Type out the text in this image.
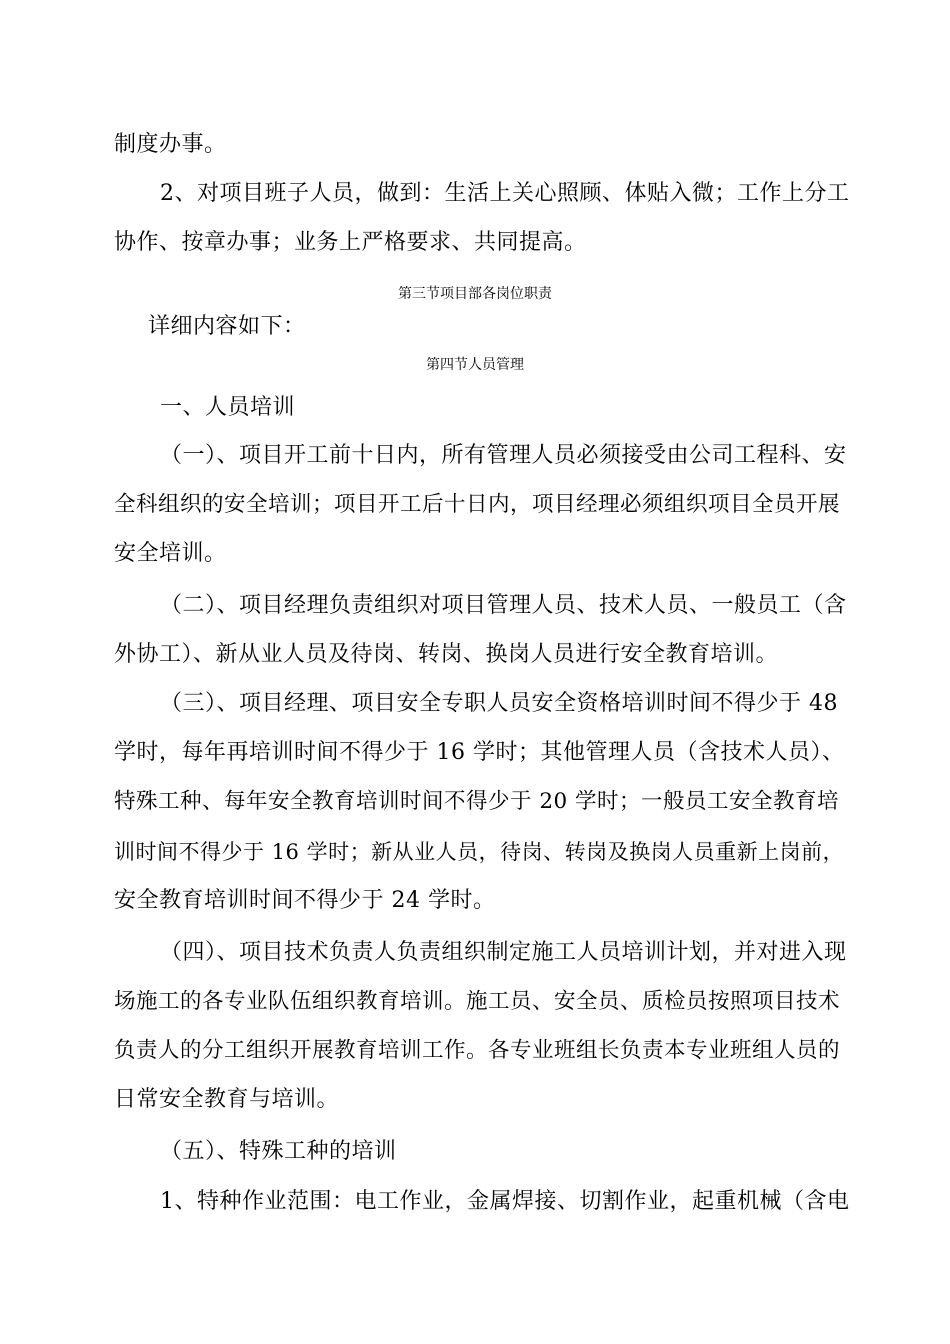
制度办事。
2、对项目班子人员，做到：生活上关心照顾、体贴入微；工作上分工
协作、按章办事；业务上严格要求、共同提高。
第三节项目部各岗位职责
详细内容如下：
第四节人员管理
一、人员培训
（一）、项目开工前十日内，所有管理人员必须接受由公司工程科、安
全科组织的安全培训；项目开工后十日内，项目经理必须组织项目全员开展
安全培训。
（二）、项目经理负责组织对项目管理人员、技术人员、一般员工（含
外协工）、新从业人员及待岗、转岗、换岗人员进行安全教育培训。
（三）、项目经理、项目安全专职人员安全资格培训时间不得少于 48
学时，每年再培训时间不得少于 16 学时；其他管理人员（含技术人员）、
特殊工种、每年安全教育培训时间不得少于 20 学时；一般员工安全教育培
训时间不得少于 16 学时；新从业人员，待岗、转岗及换岗人员重新上岗前，
安全教育培训时间不得少于 24 学时。
（四）、项目技术负责人负责组织制定施工人员培训计划，并对进入现
场施工的各专业队伍组织教育培训。施工员、安全员、质检员按照项目技术
负责人的分工组织开展教育培训工作。各专业班组长负责本专业班组人员的
日常安全教育与培训。
（五）、特殊工种的培训
1、特种作业范围：电工作业，金属焊接、切割作业，起重机械（含电
